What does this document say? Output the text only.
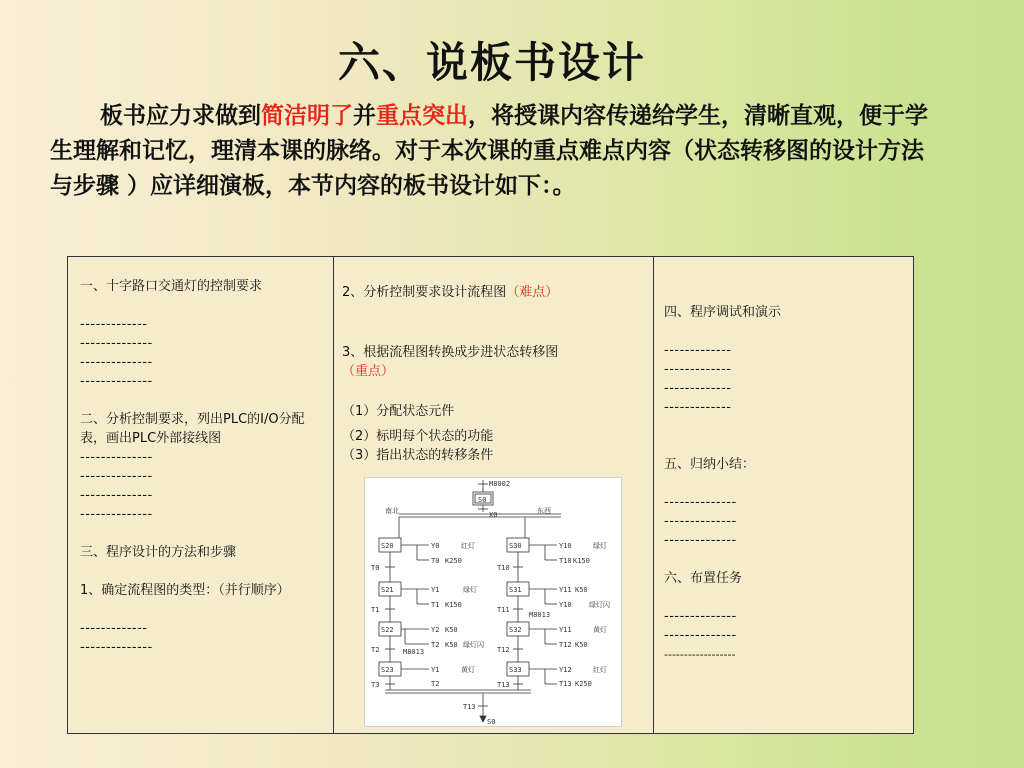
六、说板书设计
板书应力求做到简洁明了并重点突出，将授课内容传递给学生，清晰直观，便于学生理解和记忆，理清本课的脉络。对于本次课的重点难点内容（状态转移图的设计方法与步骤 ）应详细演板，本节内容的板书设计如下：。

一、十字路口交通灯的控制要求

-------------

--------------

--------------

--------------

二、分析控制要求，列出PLC的I/O分配表，画出PLC外部接线图

--------------

--------------

--------------

--------------

三、程序设计的方法和步骤

1、确定流程图的类型：（并行顺序）

-------------

--------------

2、分析控制要求设计流程图（难点）

3、根据流程图转换成步进状态转移图
（重点）

（1）分配状态元件

（2）标明每个状态的功能

（3）指出状态的转移条件

M8002
S0
X0
南北	东西
S20
S21
S22
S23
T0
T1
T2
T3
Y0
T0
Y1
T1
Y2
T2
Y1
T2
K250
K150
K50
K50
红灯
绿灯
绿灯闪
黄灯
M8013
S30
S31
S32
S33
T10
T11
T12
T13
Y10
T10
Y11
Y10
Y11
T12
Y12
T13
K150
K50
K50
K250
绿灯
绿灯闪
黄灯
红灯
M8013
T13
S0

四、程序调试和演示

-------------

-------------

-------------

-------------

五、归纳小结：

--------------

--------------

--------------

六、布置任务

--------------

--------------

------------------
